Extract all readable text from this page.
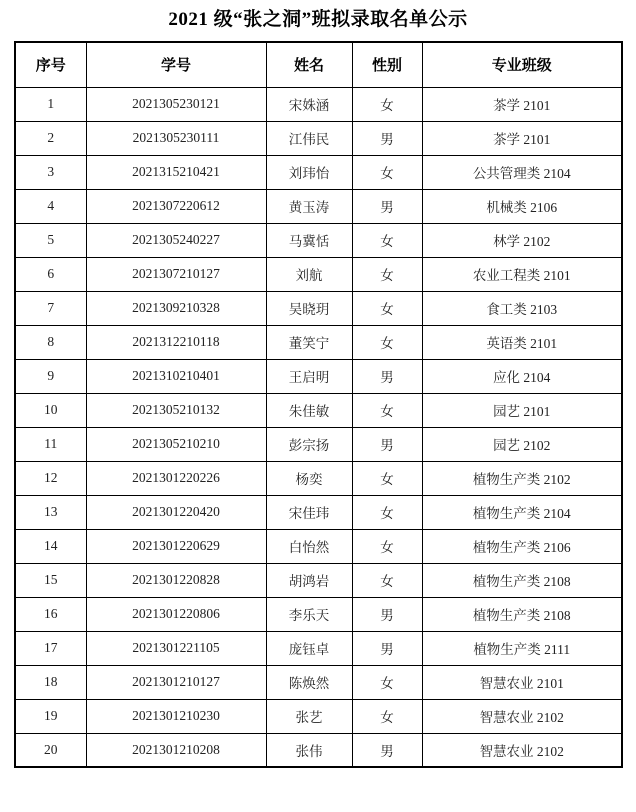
2021 级“张之洞”班拟录取名单公示
序号	学号	姓名	性别	专业班级
1	2021305230121	宋姝涵	女	茶学 2101
2	2021305230111	江伟民	男	茶学 2101
3	2021315210421	刘玮怡	女	公共管理类 2104
4	2021307220612	黄玉涛	男	机械类 2106
5	2021305240227	马冀恬	女	林学 2102
6	2021307210127	刘航	女	农业工程类 2101
7	2021309210328	吴晓玥	女	食工类 2103
8	2021312210118	董笑宁	女	英语类 2101
9	2021310210401	王启明	男	应化 2104
10	2021305210132	朱佳敏	女	园艺 2101
11	2021305210210	彭宗扬	男	园艺 2102
12	2021301220226	杨奕	女	植物生产类 2102
13	2021301220420	宋佳玮	女	植物生产类 2104
14	2021301220629	白怡然	女	植物生产类 2106
15	2021301220828	胡鸿岩	女	植物生产类 2108
16	2021301220806	李乐天	男	植物生产类 2108
17	2021301221105	庞钰卓	男	植物生产类 2111
18	2021301210127	陈焕然	女	智慧农业 2101
19	2021301210230	张艺	女	智慧农业 2102
20	2021301210208	张伟	男	智慧农业 2102
